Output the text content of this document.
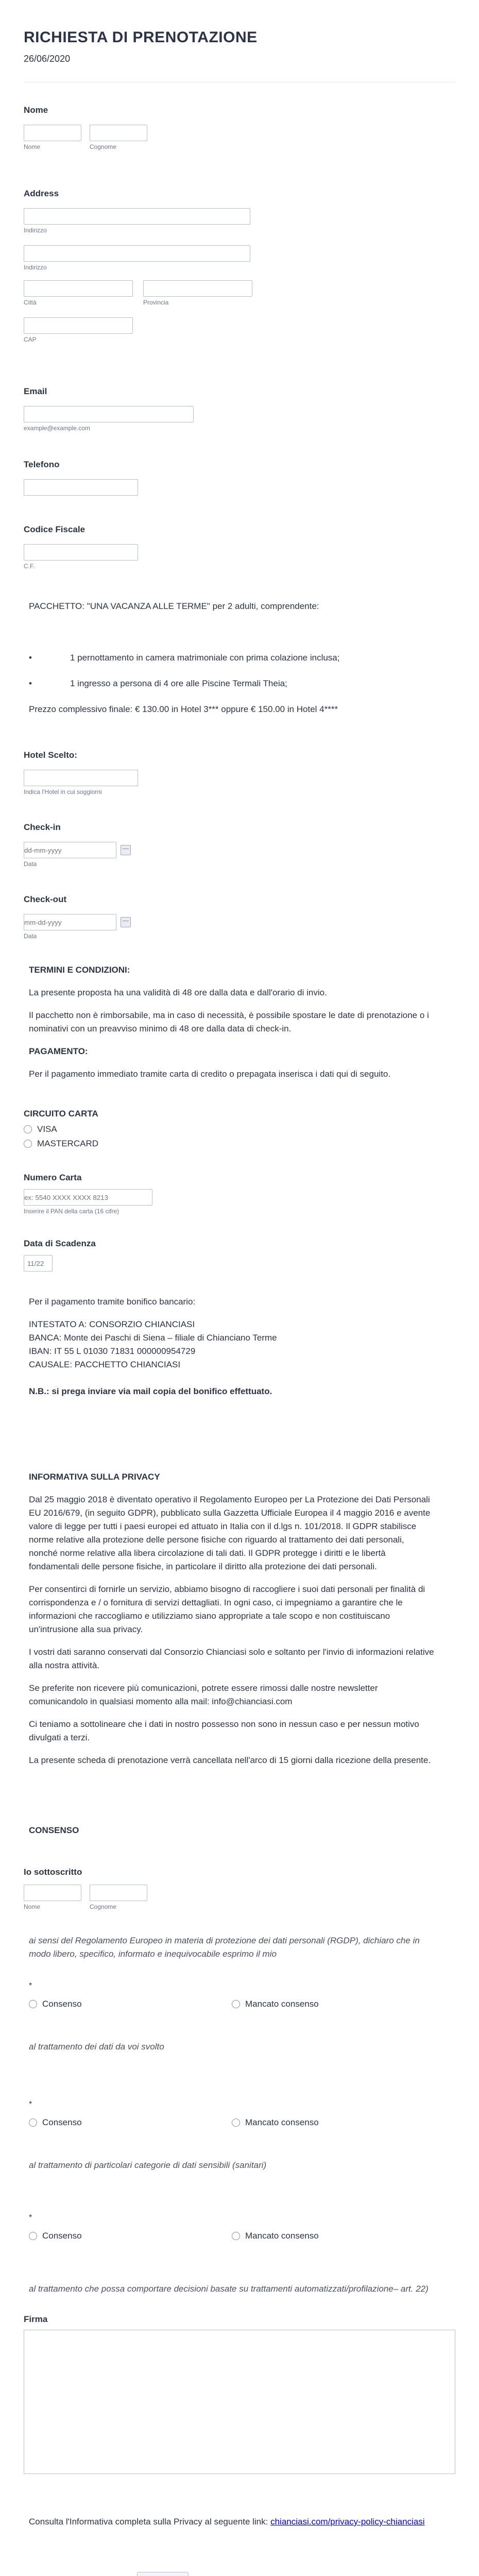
RICHIESTA DI PRENOTAZIONE
26/06/2020
Nome
Nome	Cognome
Address
Indirizzo
Indirizzo
Città	Provincia
CAP
Email
example@example.com
Telefono
Codice Fiscale
C.F.

PACCHETTO: "UNA VACANZA ALLE TERME" per 2 adulti, comprendente:

•	1 pernottamento in camera matrimoniale con prima colazione inclusa;
•	1 ingresso a persona di 4 ore alle Piscine Termali Theia;

Prezzo complessivo finale: € 130.00 in Hotel 3*** oppure € 150.00 in Hotel 4****

Hotel Scelto:
Indica l'Hotel in cui soggiorni
Check-in
dd-mm-yyyy
Data
Check-out
mm-dd-yyyy
Data

TERMINI E CONDIZIONI:

La presente proposta ha una validità di 48 ore dalla data e dall'orario di invio.

Il pacchetto non è rimborsabile, ma in caso di necessità, è possibile spostare le date di prenotazione o i nominativi con un preavviso minimo di 48 ore dalla data di check-in.

PAGAMENTO:

Per il pagamento immediato tramite carta di credito o prepagata inserisca i dati qui di seguito.

CIRCUITO CARTA
VISA
MASTERCARD
Numero Carta
ex: 5540 XXXX XXXX 8213
Inserire il PAN della carta (16 cifre)
Data di Scadenza
11/22

Per il pagamento tramite bonifico bancario:

INTESTATO A: CONSORZIO CHIANCIASI
BANCA: Monte dei Paschi di Siena – filiale di Chianciano Terme
IBAN: IT 55 L 01030 71831 000000954729
CAUSALE: PACCHETTO CHIANCIASI

N.B.: si prega inviare via mail copia del bonifico effettuato.

INFORMATIVA SULLA PRIVACY

Dal 25 maggio 2018 è diventato operativo il Regolamento Europeo per La Protezione dei Dati Personali EU 2016/679, (in seguito GDPR), pubblicato sulla Gazzetta Ufficiale Europea il 4 maggio 2016 e avente valore di legge per tutti i paesi europei ed attuato in Italia con il d.lgs n. 101/2018. Il GDPR stabilisce norme relative alla protezione delle persone fisiche con riguardo al trattamento dei dati personali, nonché norme relative alla libera circolazione di tali dati. Il GDPR protegge i diritti e le libertà fondamentali delle persone fisiche, in particolare il diritto alla protezione dei dati personali.

Per consentirci di fornirle un servizio, abbiamo bisogno di raccogliere i suoi dati personali per finalità di corrispondenza e / o fornitura di servizi dettagliati. In ogni caso, ci impegniamo a garantire che le informazioni che raccogliamo e utilizziamo siano appropriate a tale scopo e non costituiscano un'intrusione alla sua privacy.

I vostri dati saranno conservati dal Consorzio Chianciasi solo e soltanto per l'invio di informazioni relative alla nostra attività.

Se preferite non ricevere più comunicazioni, potrete essere rimossi dalle nostre newsletter comunicandolo in qualsiasi momento alla mail: info@chianciasi.com

Ci teniamo a sottolineare che i dati in nostro possesso non sono in nessun caso e per nessun motivo divulgati a terzi.

La presente scheda di prenotazione verrà cancellata nell'arco di 15 giorni dalla ricezione della presente.

CONSENSO

Io sottoscritto
Nome	Cognome

ai sensi del Regolamento Europeo in materia di protezione dei dati personali (RGDP), dichiaro che in modo libero, specifico, informato e inequivocabile esprimo il mio

*
Consenso	Mancato consenso

al trattamento dei dati da voi svolto

*
Consenso	Mancato consenso

al trattamento di particolari categorie di dati sensibili (sanitari)

*
Consenso	Mancato consenso

al trattamento che possa comportare decisioni basate su trattamenti automatizzati/profilazione– art. 22)

Firma
Consulta l'Informativa completa sulla Privacy al seguente link: chianciasi.com/privacy-policy-chianciasi
